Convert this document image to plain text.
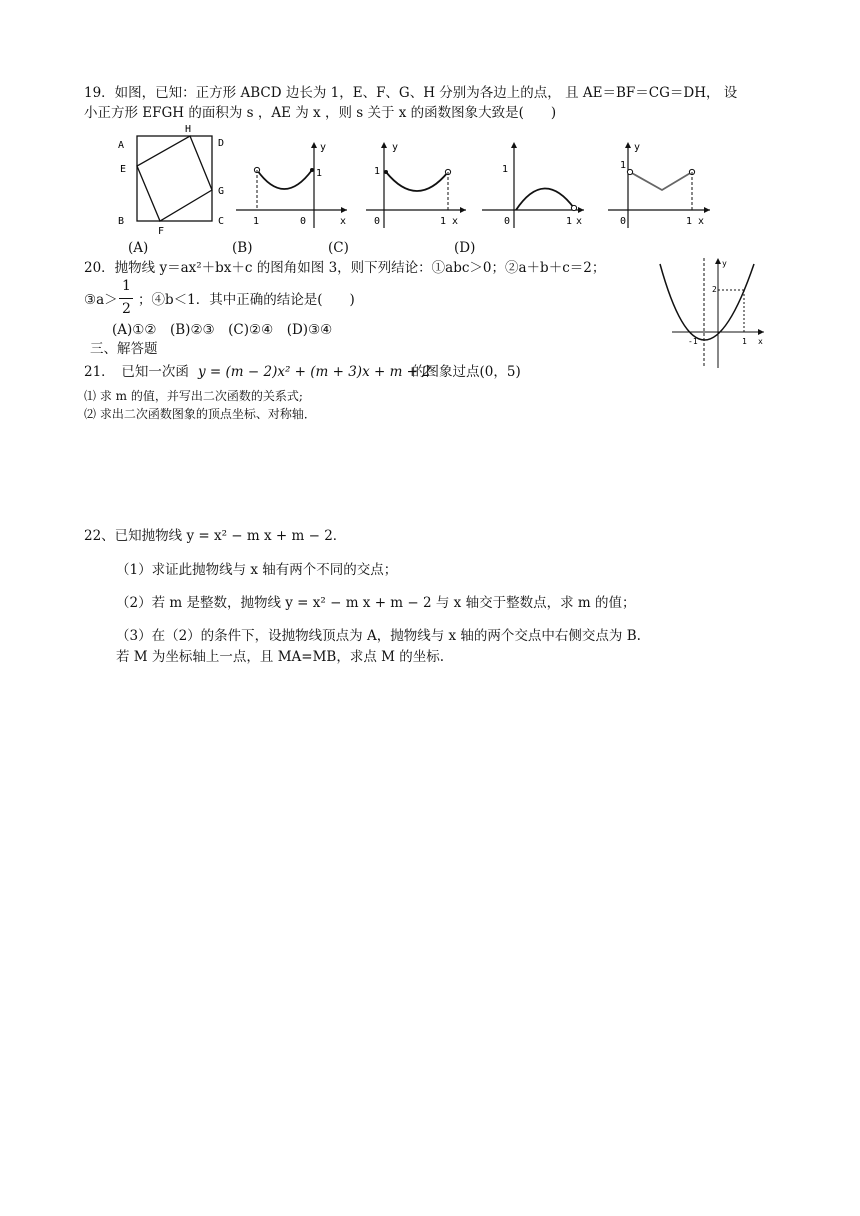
19．如图，已知：正方形 ABCD 边长为 1，E、F、G、H 分别为各边上的点， 且 AE＝BF＝CG＝DH， 设
小正方形 EFGH 的面积为 s ，AE 为 x ，则 s 关于 x 的函数图象大致是(　　)
A	D
H
E
G
B	C
F
y
x
1	0
1
y
x
1
0	1
1
0	1 x
y
1
0	1 x
(A)	(B)	(C)	(D)
20．抛物线 y＝ax²＋bx＋c 的图角如图 3，则下列结论：①abc＞0；②a＋b＋c＝2；
③a＞
1
2
；④b＜1．其中正确的结论是(　　)
(A)①②　(B)②③　(C)②④　(D)③④
y
x
-1	1
2
三、解答题
21．　已知一次函 y = (m − 2)x² + (m + 3)x + m + 2
的图象过点(0，5)
⑴ 求 m 的值，并写出二次函数的关系式;
⑵ 求出二次函数图象的顶点坐标、对称轴．
22、已知抛物线 y = x² − m x + m − 2．
（1）求证此抛物线与 x 轴有两个不同的交点；
（2）若 m 是整数，抛物线 y = x² − m x + m − 2 与 x 轴交于整数点，求 m 的值；
（3）在（2）的条件下，设抛物线顶点为 A，抛物线与 x 轴的两个交点中右侧交点为 B.
若 M 为坐标轴上一点，且 MA=MB，求点 M 的坐标.
